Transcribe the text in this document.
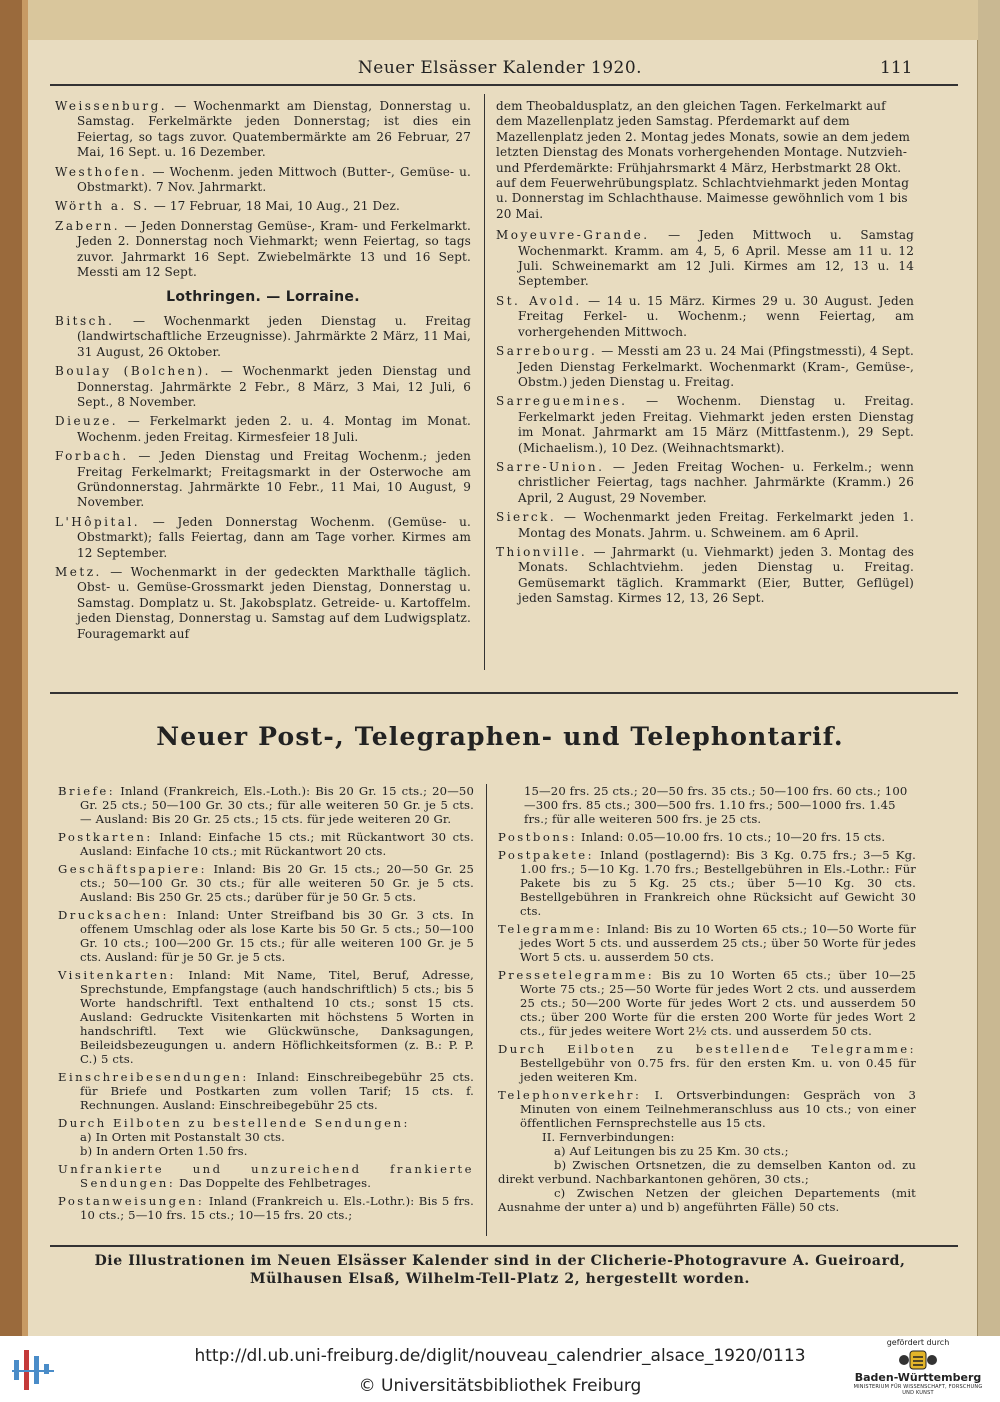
Neuer Elsässer Kalender 1920.	111

Weissenburg. — Wochenmarkt am Dienstag, Donnerstag u. Samstag. Ferkelmärkte jeden Donnerstag; ist dies ein Feiertag, so tags zuvor. Quatembermärkte am 26 Februar, 27 Mai, 16 Sept. u. 16 Dezember.

Westhofen. — Wochenm. jeden Mittwoch (Butter-, Gemüse- u. Obstmarkt). 7 Nov. Jahrmarkt.

Wörth a. S. — 17 Februar, 18 Mai, 10 Aug., 21 Dez.

Zabern. — Jeden Donnerstag Gemüse-, Kram- und Ferkelmarkt. Jeden 2. Donnerstag noch Viehmarkt; wenn Feiertag, so tags zuvor. Jahrmarkt 16 Sept. Zwiebelmärkte 13 und 16 Sept. Messti am 12 Sept.

Lothringen. — Lorraine.

Bitsch. — Wochenmarkt jeden Dienstag u. Freitag (landwirtschaftliche Erzeugnisse). Jahrmärkte 2 März, 11 Mai, 31 August, 26 Oktober.

Boulay (Bolchen). — Wochenmarkt jeden Dienstag und Donnerstag. Jahrmärkte 2 Febr., 8 März, 3 Mai, 12 Juli, 6 Sept., 8 November.

Dieuze. — Ferkelmarkt jeden 2. u. 4. Montag im Monat. Wochenm. jeden Freitag. Kirmesfeier 18 Juli.

Forbach. — Jeden Dienstag und Freitag Wochenm.; jeden Freitag Ferkelmarkt; Freitagsmarkt in der Osterwoche am Gründonnerstag. Jahrmärkte 10 Febr., 11 Mai, 10 August, 9 November.

L'Hôpital. — Jeden Donnerstag Wochenm. (Gemüse- u. Obstmarkt); falls Feiertag, dann am Tage vorher. Kirmes am 12 September.

Metz. — Wochenmarkt in der gedeckten Markthalle täglich. Obst- u. Gemüse-Grossmarkt jeden Dienstag, Donnerstag u. Samstag. Domplatz u. St. Jakobsplatz. Getreide- u. Kartoffelm. jeden Dienstag, Donnerstag u. Samstag auf dem Ludwigsplatz. Fouragemarkt auf

dem Theobaldusplatz, an den gleichen Tagen. Ferkelmarkt auf dem Mazellenplatz jeden Samstag. Pferdemarkt auf dem Mazellenplatz jeden 2. Montag jedes Monats, sowie an dem jedem letzten Dienstag des Monats vorhergehenden Montage. Nutzvieh- und Pferdemärkte: Frühjahrsmarkt 4 März, Herbstmarkt 28 Okt. auf dem Feuerwehrübungsplatz. Schlachtviehmarkt jeden Montag u. Donnerstag im Schlachthause. Maimesse gewöhnlich vom 1 bis 20 Mai.

Moyeuvre-Grande. — Jeden Mittwoch u. Samstag Wochenmarkt. Kramm. am 4, 5, 6 April. Messe am 11 u. 12 Juli. Schweinemarkt am 12 Juli. Kirmes am 12, 13 u. 14 September.

St. Avold. — 14 u. 15 März. Kirmes 29 u. 30 August. Jeden Freitag Ferkel- u. Wochenm.; wenn Feiertag, am vorhergehenden Mittwoch.

Sarrebourg. — Messti am 23 u. 24 Mai (Pfingstmessti), 4 Sept. Jeden Dienstag Ferkelmarkt. Wochenmarkt (Kram-, Gemüse-, Obstm.) jeden Dienstag u. Freitag.

Sarreguemines. — Wochenm. Dienstag u. Freitag. Ferkelmarkt jeden Freitag. Viehmarkt jeden ersten Dienstag im Monat. Jahrmarkt am 15 März (Mittfastenm.), 29 Sept. (Michaelism.), 10 Dez. (Weihnachtsmarkt).

Sarre-Union. — Jeden Freitag Wochen- u. Ferkelm.; wenn christlicher Feiertag, tags nachher. Jahrmärkte (Kramm.) 26 April, 2 August, 29 November.

Sierck. — Wochenmarkt jeden Freitag. Ferkelmarkt jeden 1. Montag des Monats. Jahrm. u. Schweinem. am 6 April.

Thionville. — Jahrmarkt (u. Viehmarkt) jeden 3. Montag des Monats. Schlachtviehm. jeden Dienstag u. Freitag. Gemüsemarkt täglich. Krammarkt (Eier, Butter, Geflügel) jeden Samstag. Kirmes 12, 13, 26 Sept.

Neuer Post-, Telegraphen- und Telephontarif.

Briefe: Inland (Frankreich, Els.-Loth.): Bis 20 Gr. 15 cts.; 20—50 Gr. 25 cts.; 50—100 Gr. 30 cts.; für alle weiteren 50 Gr. je 5 cts. — Ausland: Bis 20 Gr. 25 cts.; 15 cts. für jede weiteren 20 Gr.

Postkarten: Inland: Einfache 15 cts.; mit Rückantwort 30 cts. Ausland: Einfache 10 cts.; mit Rückantwort 20 cts.

Geschäftspapiere: Inland: Bis 20 Gr. 15 cts.; 20—50 Gr. 25 cts.; 50—100 Gr. 30 cts.; für alle weiteren 50 Gr. je 5 cts. Ausland: Bis 250 Gr. 25 cts.; darüber für je 50 Gr. 5 cts.

Drucksachen: Inland: Unter Streifband bis 30 Gr. 3 cts. In offenem Umschlag oder als lose Karte bis 50 Gr. 5 cts.; 50—100 Gr. 10 cts.; 100—200 Gr. 15 cts.; für alle weiteren 100 Gr. je 5 cts. Ausland: für je 50 Gr. je 5 cts.

Visitenkarten: Inland: Mit Name, Titel, Beruf, Adresse, Sprechstunde, Empfangstage (auch handschriftlich) 5 cts.; bis 5 Worte handschriftl. Text enthaltend 10 cts.; sonst 15 cts. Ausland: Gedruckte Visitenkarten mit höchstens 5 Worten in handschriftl. Text wie Glückwünsche, Danksagungen, Beileidsbezeugungen u. andern Höflichkeitsformen (z. B.: P. P. C.) 5 cts.

Einschreibesendungen: Inland: Einschreibegebühr 25 cts. für Briefe und Postkarten zum vollen Tarif; 15 cts. f. Rechnungen. Ausland: Einschreibegebühr 25 cts.

Durch Eilboten zu bestellende Sendungen:

a) In Orten mit Postanstalt 30 cts.
b) In andern Orten 1.50 frs.

Unfrankierte und unzureichend frankierte Sendungen: Das Doppelte des Fehlbetrages.

Postanweisungen: Inland (Frankreich u. Els.-Lothr.): Bis 5 frs. 10 cts.; 5—10 frs. 15 cts.; 10—15 frs. 20 cts.;

15—20 frs. 25 cts.; 20—50 frs. 35 cts.; 50—100 frs. 60 cts.; 100—300 frs. 85 cts.; 300—500 frs. 1.10 frs.; 500—1000 frs. 1.45 frs.; für alle weiteren 500 frs. je 25 cts.

Postbons: Inland: 0.05—10.00 frs. 10 cts.; 10—20 frs. 15 cts.

Postpakete: Inland (postlagernd): Bis 3 Kg. 0.75 frs.; 3—5 Kg. 1.00 frs.; 5—10 Kg. 1.70 frs.; Bestellgebühren in Els.-Lothr.: Für Pakete bis zu 5 Kg. 25 cts.; über 5—10 Kg. 30 cts. Bestellgebühren in Frankreich ohne Rücksicht auf Gewicht 30 cts.

Telegramme: Inland: Bis zu 10 Worten 65 cts.; 10—50 Worte für jedes Wort 5 cts. und ausserdem 25 cts.; über 50 Worte für jedes Wort 5 cts. u. ausserdem 50 cts.

Pressetelegramme: Bis zu 10 Worten 65 cts.; über 10—25 Worte 75 cts.; 25—50 Worte für jedes Wort 2 cts. und ausserdem 25 cts.; 50—200 Worte für jedes Wort 2 cts. und ausserdem 50 cts.; über 200 Worte für die ersten 200 Worte für jedes Wort 2 cts., für jedes weitere Wort 2½ cts. und ausserdem 50 cts.

Durch Eilboten zu bestellende Telegramme: Bestellgebühr von 0.75 frs. für den ersten Km. u. von 0.45 für jeden weiteren Km.

Telephonverkehr: I. Ortsverbindungen: Gespräch von 3 Minuten von einem Teilnehmeranschluss aus 10 cts.; von einer öffentlichen Fernsprechstelle aus 15 cts.

II. Fernverbindungen:
a) Auf Leitungen bis zu 25 Km. 30 cts.;

b) Zwischen Ortsnetzen, die zu demselben Kanton od. zu direkt verbund. Nachbarkantonen gehören, 30 cts.;

c) Zwischen Netzen der gleichen Departements (mit Ausnahme der unter a) und b) angeführten Fälle) 50 cts.

Die Illustrationen im Neuen Elsässer Kalender sind in der Clicherie-Photogravure A. Gueiroard,
Mülhausen Elsaß, Wilhelm-Tell-Platz 2, hergestellt worden.
http://dl.ub.uni-freiburg.de/diglit/nouveau_calendrier_alsace_1920/0113
© Universitätsbibliothek Freiburg
gefördert durch
Baden-Württemberg
MINISTERIUM FÜR WISSENSCHAFT, FORSCHUNG UND KUNST
